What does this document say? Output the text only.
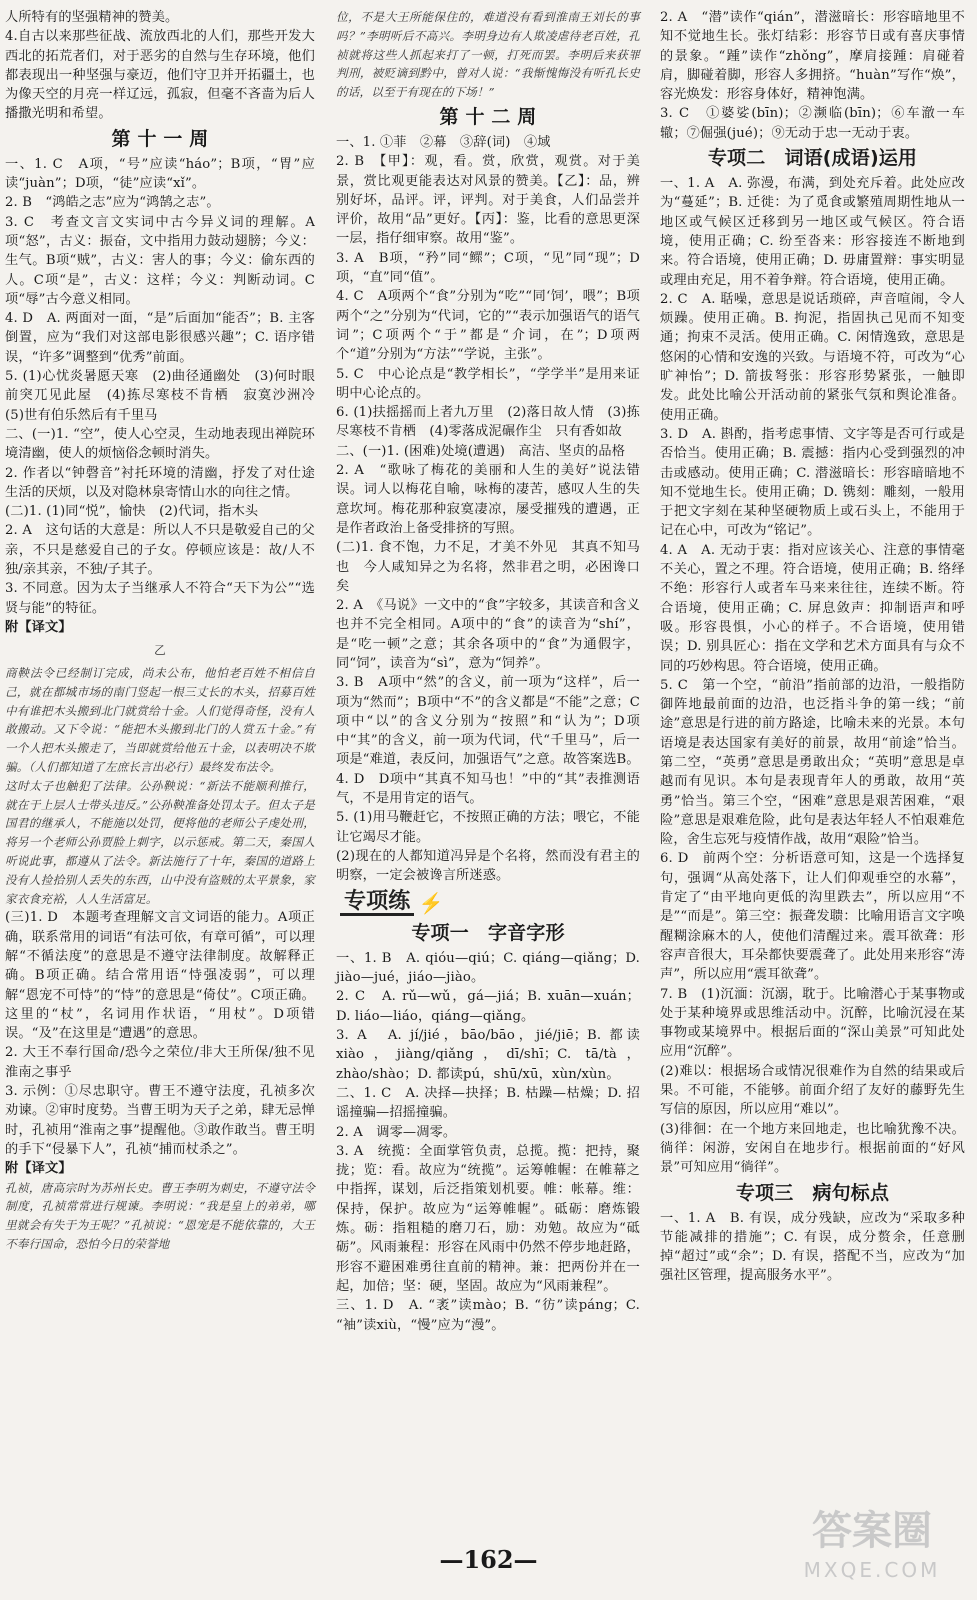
人所特有的坚强精神的赞美。

4.自古以来那些征战、流放西北的人们，那些开发大西北的拓荒者们，对于恶劣的自然与生存环境，他们都表现出一种坚强与豪迈，他们守卫并开拓疆土，也为像天空的月亮一样辽远，孤寂，但毫不吝啬为后人播撒光明和希望。

第 十 一 周

一、1. C　A项，“号”应读“háo”；B项，“胃”应读“juàn”；D项，“徒”应读“xǐ”。

2. B　“鸿皓之志”应为“鸿鹄之志”。

3. C　考查文言文实词中古今异义词的理解。A项“怒”，古义：振奋，文中指用力鼓动翅膀；今义：生气。B项“贼”，古义：害人的事；今义：偷东西的人。C项“是”，古义：这样；今义：判断动词。C项“辱”古今意义相同。

4. D　A. 两面对一面，“是”后面加“能否”；B. 主客倒置，应为“我们对这部电影很感兴趣”；C. 语序错误，“许多”调整到“优秀”前面。

5. (1)心忧炎暑愿天寒　(2)曲径通幽处　(3)何时眼前突兀见此屋　(4)拣尽寒枝不肯栖　寂寞沙洲冷　(5)世有伯乐然后有千里马

二、(一)1. “空”，使人心空灵，生动地表现出禅院环境清幽，使人的烦恼俗念顿时消失。

2. 作者以“钟磬音”衬托环境的清幽，抒发了对仕途生活的厌烦，以及对隐林泉寄情山水的向往之情。

(二)1. (1)同“悦”，愉快　(2)代词，指木头

2. A　这句话的大意是：所以人不只是敬爱自己的父亲，不只是慈爱自己的子女。停顿应该是：故/人不独/亲其亲，不独/子其子。

3. 不同意。因为太子当继承人不符合“天下为公”“选贤与能”的特征。

附【译文】

乙

商鞅法令已经制订完成，尚未公布，他怕老百姓不相信自己，就在都城市场的南门竖起一根三丈长的木头，招募百姓中有谁把木头搬到北门就赏给十金。人们觉得奇怪，没有人敢搬动。又下令说：“能把木头搬到北门的人赏五十金。”有一个人把木头搬走了，当即就赏给他五十金，以表明决不欺骗。（人们都知道了左庶长言出必行）最终发布法令。

这时太子也触犯了法律。公孙鞅说：“新法不能顺利推行，就在于上层人士带头违反。”公孙鞅准备处罚太子。但太子是国君的继承人，不能施以处罚，便将他的老师公子虔处刑，将另一个老师公孙贾脸上刺字，以示惩戒。第二天，秦国人听说此事，都遵从了法令。新法施行了十年，秦国的道路上没有人捡拾别人丢失的东西，山中没有盗贼的太平景象，家家衣食充裕，人人生活富足。

(三)1. D　本题考查理解文言文词语的能力。A项正确，联系常用的词语“有法可依，有章可循”，可以理解“不循法度”的意思是不遵守法律制度。故解释正确。B项正确。结合常用语“恃强凌弱”，可以理解“恩宠不可恃”的“恃”的意思是“倚仗”。C项正确。这里的“杖”，名词用作状语，“用杖”。D项错误。“及”在这里是“遭遇”的意思。

2. 大王不奉行国命/恐今之荣位/非大王所保/独不见淮南之事乎

3. 示例：①尽忠职守。曹王不遵守法度，孔祯多次劝谏。②审时度势。当曹王明为天子之弟，肆无忌惮时，孔祯用“淮南之事”提醒他。③敢作敢当。曹王明的手下“侵暴下人”，孔祯“捕而杖杀之”。

附【译文】

孔祯，唐高宗时为苏州长史。曹王李明为刺史，不遵守法令制度，孔祯常常进行规谏。李明说：“我是皇上的弟弟，哪里就会有失于为王呢？”孔祯说：“恩宠是不能依靠的，大王不奉行国命，恐怕今日的荣誉地

位，不是大王所能保住的，难道没有看到淮南王刘长的事吗？”李明听后不高兴。李明身边有人欺凌虐待老百姓，孔祯就将这些人抓起来打了一顿，打死而罢。李明后来获罪判刑，被贬谪到黔中，曾对人说：“我惭愧悔没有听孔长史的话，以至于有现在的下场！”

第 十 二 周

一、1. ①菲　②幕　③辞(词)　④域

2. B　【甲】：观，看。赏，欣赏，观赏。对于美景，赏比观更能表达对风景的赞美。【乙】：品，辨别好坏，品评。评，评判。对于美食，人们品尝并评价，故用“品”更好。【丙】：鉴，比看的意思更深一层，指仔细审察。故用“鉴”。

3. A　B项，“矜”同“鳏”；C项，“见”同“现”；D项，“直”同“值”。

4. C　A项两个“食”分别为“吃”“同‘饲’，喂”；B项两个“之”分别为“代词，它的”“表示加强语气的语气词”；C项两个“于”都是“介词，在”；D项两个“道”分别为“方法”“学说，主张”。

5. C　中心论点是“教学相长”，“学学半”是用来证明中心论点的。

6. (1)扶摇摇而上者九万里　(2)落日故人情　(3)拣尽寒枝不肯栖　(4)零落成泥碾作尘　只有香如故

二、(一)1. (困难)处境(遭遇)　高洁、坚贞的品格

2. A　“歌咏了梅花的美丽和人生的美好”说法错误。词人以梅花自喻，咏梅的凄苦，感叹人生的失意坎坷。梅花那种寂寞凄凉，屡受摧残的遭遇，正是作者政治上备受排挤的写照。

(二)1. 食不饱，力不足，才美不外见　其真不知马也　今人咸知异之为名将，然非君之明，必困谗口矣

2. A　《马说》一文中的“食”字较多，其读音和含义也并不完全相同。A项中的“食”的读音为“shí”，是“吃一顿”之意；其余各项中的“食”为通假字，同“饲”，读音为“sì”，意为“饲养”。

3. B　A项中“然”的含义，前一项为“这样”，后一项为“然而”；B项中“不”的含义都是“不能”之意；C项中“以”的含义分别为“按照”和“认为”；D项中“其”的含义，前一项为代词，代“千里马”，后一项是“难道，表反问，加强语气”之意。故答案选B。

4. D　D项中“其真不知马也！”中的“其”表推测语气，不是用肯定的语气。

5. (1)用马鞭赶它，不按照正确的方法；喂它，不能让它竭尽才能。

(2)现在的人都知道冯异是个名将，然而没有君主的明察，一定会被谗言所迷惑。

专项练 ⚡
专项一　字音字形

一、1. B　A. qióu—qiú；C. qiáng—qiǎng；D. jiào—jué，jiáo—jiào。

2. C　A. rǔ—wǔ，gá—jiá；B. xuān—xuán；D. liáo—liáo，qiáng—qiǎng。

3. A　A. jí/jié，bāo/bāo，jié/jiē；B. 都读xiào，jiàng/qiǎng，dī/shī；C. tā/tà，zhào/shào；D. 都读pú，shū/xū，xùn/xùn。

二、1. C　A. 决择—抉择；B. 枯躁—枯燥；D. 招谣撞骗—招摇撞骗。

2. A　调零—凋零。

3. A　统揽：全面掌管负责，总揽。揽：把持，聚拢；览：看。故应为“统揽”。运筹帷幄：在帷幕之中指挥，谋划，后泛指策划机要。帷：帐幕。维：保持，保护。故应为“运筹帷幄”。砥砺：磨炼锻炼。砺：指粗糙的磨刀石，励：劝勉。故应为“砥砺”。风雨兼程：形容在风雨中仍然不停步地赶路，形容不避困难勇往直前的精神。兼：把两份并在一起，加倍；坚：硬，坚固。故应为“风雨兼程”。

三、1. D　A. “袤”读mào；B. “彷”读páng；C. “袖”读xiù，“慢”应为“漫”。

2. A　“潜”读作“qián”，潜滋暗长：形容暗地里不知不觉地生长。张灯结彩：形容节日或有喜庆事情的景象。“踵”读作“zhǒng”，摩肩接踵：肩碰着肩，脚碰着脚，形容人多拥挤。“huàn”写作“焕”，容光焕发：形容身体好，精神饱满。

3. C　①婆娑(bīn)；②濒临(bīn)；⑥车澈一车辙；⑦倔强(jué)；⑨无动于忠一无动于衷。

专项二　词语(成语)运用

一、1. A　A. 弥漫，布满，到处充斥着。此处应改为“蔓延”；B. 迁徙：为了觅食或繁殖周期性地从一地区或气候区迁移到另一地区或气候区。符合语境，使用正确；C. 纷至沓来：形容接连不断地到来。符合语境，使用正确；D. 毋庸置辩：事实明显或理由充足，用不着争辩。符合语境，使用正确。

2. C　A. 聒噪，意思是说话琐碎，声音喧闹，令人烦躁。使用正确。B. 拘泥，指固执己见而不知变通；拘束不灵活。使用正确。C. 闲情逸致，意思是悠闲的心情和安逸的兴致。与语境不符，可改为“心旷神怡”；D. 箭拔弩张：形容形势紧张，一触即发。此处比喻公开活动前的紧张气氛和舆论准备。使用正确。

3. D　A. 斟酌，指考虑事情、文字等是否可行或是否恰当。使用正确；B. 震撼：指内心受到强烈的冲击或感动。使用正确；C. 潜滋暗长：形容暗暗地不知不觉地生长。使用正确；D. 镌刻：雕刻，一般用于把文字刻在某种坚硬物质上或石头上，不能用于记在心中，可改为“铭记”。

4. A　A. 无动于衷：指对应该关心、注意的事情毫不关心，置之不理。符合语境，使用正确；B. 络绎不绝：形容行人或者车马来来往往，连续不断。符合语境，使用正确；C. 屏息敛声：抑制语声和呼吸。形容畏惧，小心的样子。不合语境，使用错误；D. 别具匠心：指在文学和艺术方面具有与众不同的巧妙构思。符合语境，使用正确。

5. C　第一个空，“前沿”指前部的边沿，一般指防御阵地最前面的边沿，也泛指斗争的第一线；“前途”意思是行进的前方路途，比喻未来的光景。本句语境是表达国家有美好的前景，故用“前途”恰当。第二空，“英勇”意思是勇敢出众；“英明”意思是卓越而有见识。本句是表现青年人的勇敢，故用“英勇”恰当。第三个空，“困难”意思是艰苦困难，“艰险”意思是艰难危险，此句是表达年轻人不怕艰难危险，舍生忘死与疫情作战，故用“艰险”恰当。

6. D　前两个空：分析语意可知，这是一个选择复句，强调“从高处落下，让人们仰观垂空的水幕”，肯定了“由平地向更低的沟里跌去”，所以应用“不是”“而是”。第三空：振聋发聩：比喻用语言文字唤醒糊涂麻木的人，使他们清醒过来。震耳欲聋：形容声音很大，耳朵都快要震聋了。此处用来形容“涛声”，所以应用“震耳欲聋”。

7. B　(1)沉湎：沉溺，耽于。比喻潜心于某事物或处于某种境界或思维活动中。沉醉，比喻沉浸在某事物或某境界中。根据后面的“深山美景”可知此处应用“沉醉”。

(2)难以：根据场合或情况很难作为自然的结果或后果。不可能，不能够。前面介绍了友好的藤野先生写信的原因，所以应用“难以”。

(3)徘徊：在一个地方来回地走，也比喻犹豫不决。徜徉：闲游，安闲自在地步行。根据前面的“好风景”可知应用“徜徉”。

专项三　病句标点

一、1. A　B. 有误，成分残缺，应改为“采取多种节能减排的措施”；C. 有误，成分赘余，任意删掉“超过”或“余”；D. 有误，搭配不当，应改为“加强社区管理，提高服务水平”。

—162—
答案圈
MXQE.COM
